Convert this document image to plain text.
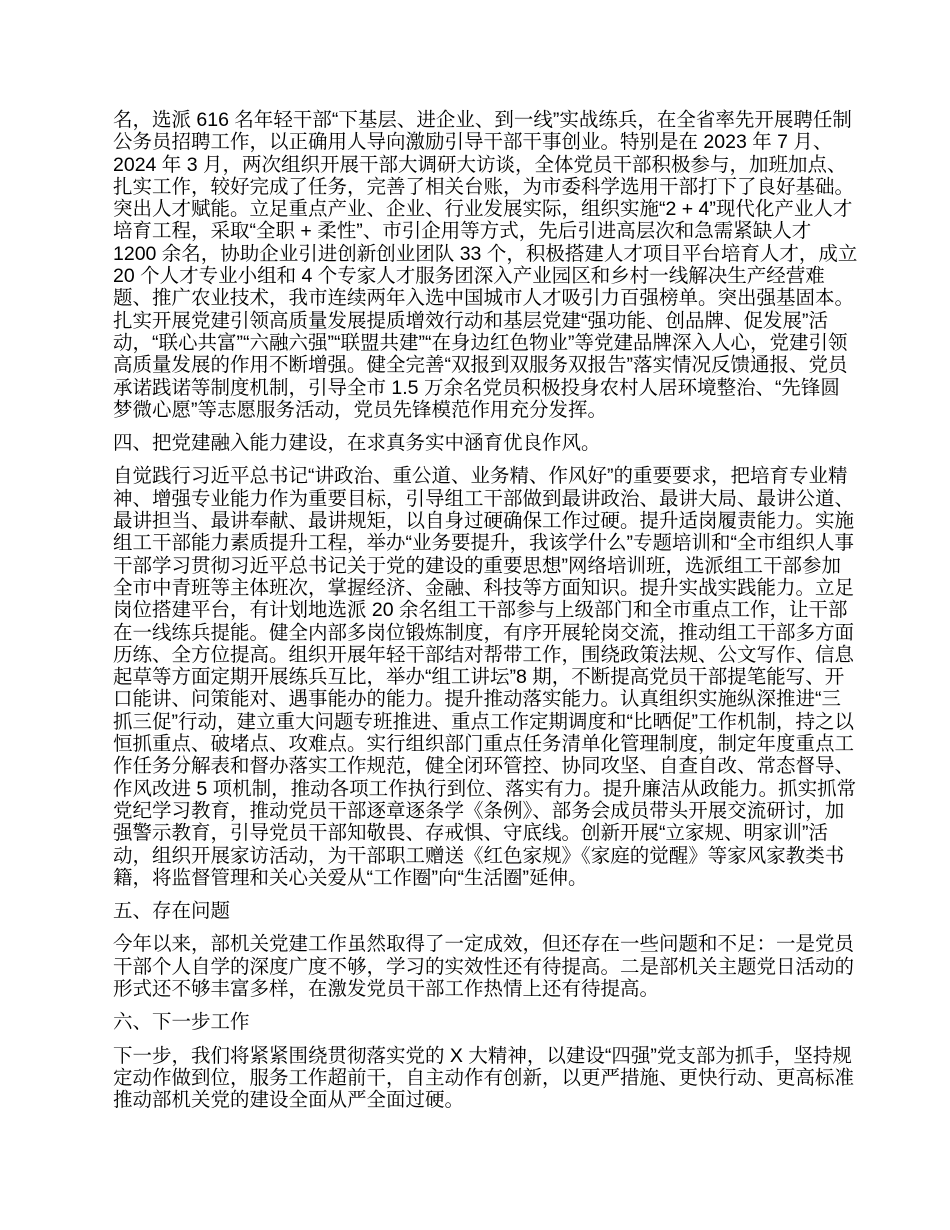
名，选派 616 名年轻干部“下基层、进企业、到一线”实战练兵，在全省率先开展聘任制公务员招聘工作，以正确用人导向激励引导干部干事创业。特别是在 2023 年 7 月、2024 年 3 月，两次组织开展干部大调研大访谈，全体党员干部积极参与，加班加点、扎实工作，较好完成了任务，完善了相关台账，为市委科学选用干部打下了良好基础。突出人才赋能。立足重点产业、企业、行业发展实际，组织实施“2 + 4”现代化产业人才培育工程，采取“全职 + 柔性”、市引企用等方式，先后引进高层次和急需紧缺人才 1200 余名，协助企业引进创新创业团队 33 个，积极搭建人才项目平台培育人才，成立 20 个人才专业小组和 4 个专家人才服务团深入产业园区和乡村一线解决生产经营难题、推广农业技术，我市连续两年入选中国城市人才吸引力百强榜单。突出强基固本。扎实开展党建引领高质量发展提质增效行动和基层党建“强功能、创品牌、促发展”活动，“联心共富”“六融六强”“联盟共建”“在身边红色物业”等党建品牌深入人心，党建引领高质量发展的作用不断增强。健全完善“双报到双服务双报告”落实情况反馈通报、党员承诺践诺等制度机制，引导全市 1.5 万余名党员积极投身农村人居环境整治、“先锋圆梦微心愿”等志愿服务活动，党员先锋模范作用充分发挥。

四、把党建融入能力建设，在求真务实中涵育优良作风。

自觉践行习近平总书记“讲政治、重公道、业务精、作风好”的重要要求，把培育专业精神、增强专业能力作为重要目标，引导组工干部做到最讲政治、最讲大局、最讲公道、最讲担当、最讲奉献、最讲规矩，以自身过硬确保工作过硬。提升适岗履责能力。实施组工干部能力素质提升工程，举办“业务要提升，我该学什么”专题培训和“全市组织人事干部学习贯彻习近平总书记关于党的建设的重要思想”网络培训班，选派组工干部参加全市中青班等主体班次，掌握经济、金融、科技等方面知识。提升实战实践能力。立足岗位搭建平台，有计划地选派 20 余名组工干部参与上级部门和全市重点工作，让干部在一线练兵提能。健全内部多岗位锻炼制度，有序开展轮岗交流，推动组工干部多方面历练、全方位提高。组织开展年轻干部结对帮带工作，围绕政策法规、公文写作、信息起草等方面定期开展练兵互比，举办“组工讲坛”8 期，不断提高党员干部提笔能写、开口能讲、问策能对、遇事能办的能力。提升推动落实能力。认真组织实施纵深推进“三抓三促”行动，建立重大问题专班推进、重点工作定期调度和“比晒促”工作机制，持之以恒抓重点、破堵点、攻难点。实行组织部门重点任务清单化管理制度，制定年度重点工作任务分解表和督办落实工作规范，健全闭环管控、协同攻坚、自查自改、常态督导、作风改进 5 项机制，推动各项工作执行到位、落实有力。提升廉洁从政能力。抓实抓常党纪学习教育，推动党员干部逐章逐条学《条例》、部务会成员带头开展交流研讨，加强警示教育，引导党员干部知敬畏、存戒惧、守底线。创新开展“立家规、明家训”活动，组织开展家访活动，为干部职工赠送《红色家规》《家庭的觉醒》等家风家教类书籍，将监督管理和关心关爱从“工作圈”向“生活圈”延伸。

五、存在问题

今年以来，部机关党建工作虽然取得了一定成效，但还存在一些问题和不足：一是党员干部个人自学的深度广度不够，学习的实效性还有待提高。二是部机关主题党日活动的形式还不够丰富多样，在激发党员干部工作热情上还有待提高。

六、下一步工作

下一步，我们将紧紧围绕贯彻落实党的 X 大精神，以建设“四强”党支部为抓手，坚持规定动作做到位，服务工作超前干，自主动作有创新，以更严措施、更快行动、更高标准推动部机关党的建设全面从严全面过硬。
